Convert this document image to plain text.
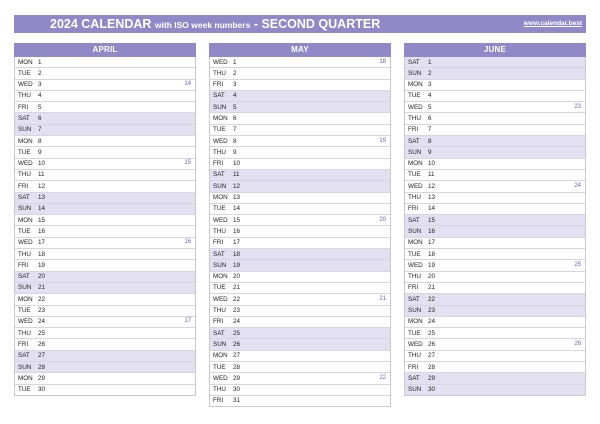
2024 CALENDAR with ISO week numbers - SECOND QUARTER	www.calendar.best
APRIL
MON 1
TUE 2
WED 3	14
THU 4
FRI 5
SAT 6
SUN 7
MON 8
TUE 9
WED 10	15
THU 11
FRI 12
SAT 13
SUN 14
MON 15
TUE 16
WED 17	16
THU 18
FRI 19
SAT 20
SUN 21
MON 22
TUE 23
WED 24	17
THU 25
FRI 26
SAT 27
SUN 28
MON 29
TUE 30
MAY
WED 1	18
THU 2
FRI 3
SAT 4
SUN 5
MON 6
TUE 7
WED 8	19
THU 9
FRI 10
SAT 11
SUN 12
MON 13
TUE 14
WED 15	20
THU 16
FRI 17
SAT 18
SUN 19
MON 20
TUE 21
WED 22	21
THU 23
FRI 24
SAT 25
SUN 26
MON 27
TUE 28
WED 29	22
THU 30
FRI 31
JUNE
SAT 1
SUN 2
MON 3
TUE 4
WED 5	23
THU 6
FRI 7
SAT 8
SUN 9
MON 10
TUE 11
WED 12	24
THU 13
FRI 14
SAT 15
SUN 16
MON 17
TUE 18
WED 19	25
THU 20
FRI 21
SAT 22
SUN 23
MON 24
TUE 25
WED 26	26
THU 27
FRI 28
SAT 29
SUN 30
